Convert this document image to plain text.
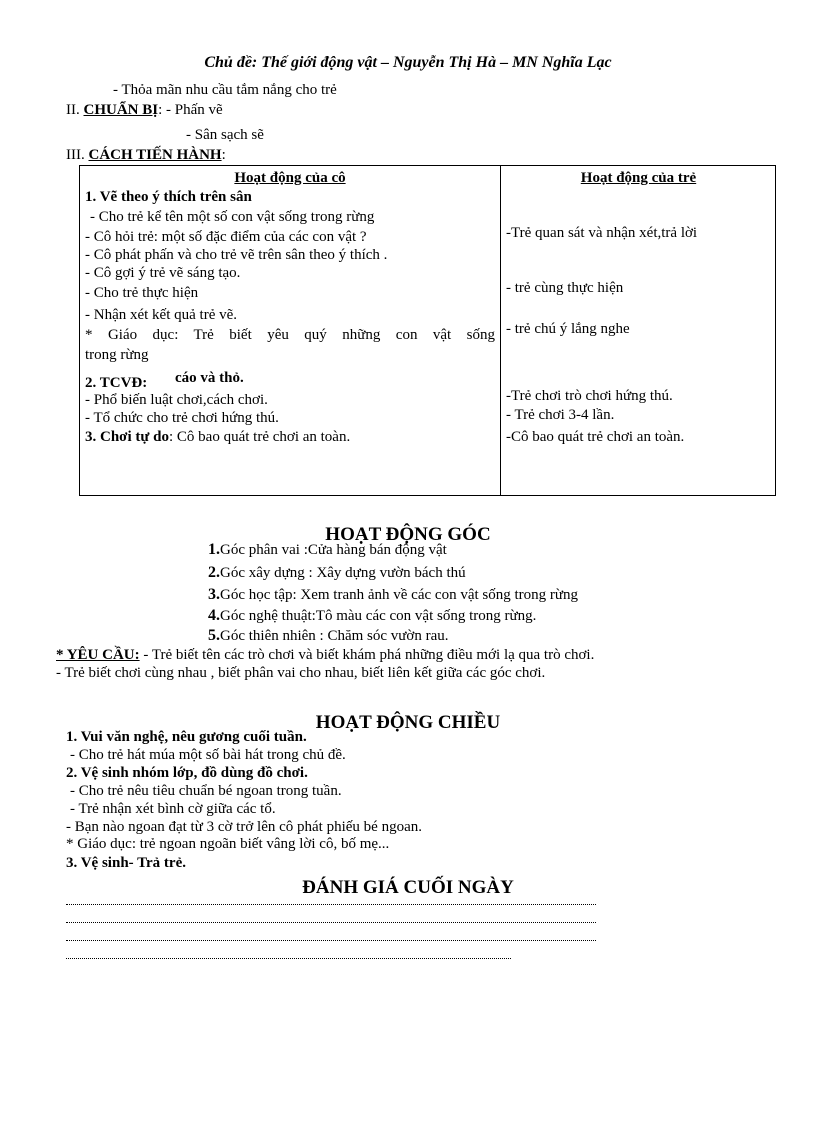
Chủ đề: Thế giới động vật – Nguyễn Thị Hà – MN Nghĩa Lạc
- Thỏa mãn nhu cầu tắm nắng cho trẻ
II. CHUẨN BỊ: - Phấn vẽ
- Sân sạch sẽ
III. CÁCH TIẾN HÀNH:
Hoạt động của cô	Hoạt động của trẻ
1. Vẽ theo ý thích trên sân
- Cho trẻ kể tên một số con vật sống trong rừng
- Cô hỏi trẻ: một số đặc điểm của các con vật ?
- Cô phát phấn và cho trẻ vẽ trên sân theo ý thích .
- Cô gợi ý trẻ vẽ sáng tạo.
- Cho trẻ thực hiện
- Nhận xét kết quả trẻ vẽ.
* Giáo dục: Trẻ biết yêu quý những con vật sống
trong rừng
2. TCVĐ: cáo và thỏ.
- Phổ biến luật chơi,cách chơi.
- Tổ chức cho trẻ chơi hứng thú.
3. Chơi tự do: Cô bao quát trẻ chơi an toàn.
-Trẻ quan sát và nhận xét,trả lời
- trẻ cùng thực hiện
- trẻ chú ý lắng nghe
-Trẻ chơi trò chơi hứng thú.
- Trẻ chơi 3-4 lần.
-Cô bao quát trẻ chơi an toàn.
HOẠT ĐỘNG GÓC
1.Góc phân vai :Cửa hàng bán động vật
2.Góc xây dựng : Xây dựng vườn bách thú
3.Góc học tập: Xem tranh ảnh về các con vật sống trong rừng
4.Góc nghệ thuật:Tô màu các con vật sống trong rừng.
5.Góc thiên nhiên : Chăm sóc vườn rau.
* YÊU CẦU: - Trẻ biết tên các trò chơi và biết khám phá những điều mới lạ qua trò chơi.
- Trẻ biết chơi cùng nhau , biết phân vai cho nhau, biết liên kết giữa các góc chơi.
HOẠT ĐỘNG CHIỀU
1. Vui văn nghệ, nêu gương cuối tuần.
- Cho trẻ hát múa một số bài hát trong chủ đề.
2. Vệ sinh nhóm lớp, đồ dùng đồ chơi.
- Cho trẻ nêu tiêu chuẩn bé ngoan trong tuần.
- Trẻ nhận xét bình cờ giữa các tổ.
- Bạn nào ngoan đạt từ 3 cờ trở lên cô phát phiếu bé ngoan.
* Giáo dục: trẻ ngoan ngoãn biết vâng lời cô, bố mẹ...
3. Vệ sinh- Trả trẻ.
ĐÁNH GIÁ CUỐI NGÀY
